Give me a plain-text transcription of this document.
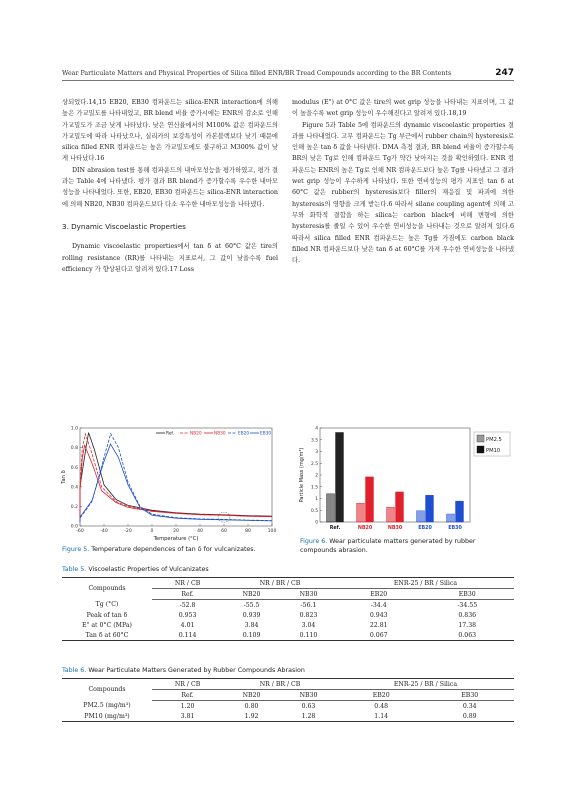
Wear Particulate Matters and Physical Properties of Silica filled ENR/BR Tread Compounds according to the BR Contents	247

상되었다.14,15 EB20, EB30 컴파운드는 silica-ENR interaction에 의해 높은 가교밀도를 나타내었고, BR blend 비율 증가시에는 ENR의 감소로 인해 가교밀도가 조금 낮게 나타났다. 낮은 연신율에서의 M100% 값은 컴파운드의 가교밀도에 따라 나타났으나, 실리카의 보강특성이 카본블랙보다 낮기 때문에 silica filled ENR 컴파운드는 높은 가교밀도에도 불구하고 M300% 값이 낮게 나타났다.16

DIN abrasion test를 통해 컴파운드의 내마모성능을 평가하였고, 평가 결과는 Table 4에 나타냈다. 평가 결과 BR blend가 증가할수록 우수한 내마모성능을 나타내었다. 또한, EB20, EB30 컴파운드는 silica-ENR interaction에 의해 NB20, NB30 컴파운드보다 다소 우수한 내마모성능을 나타냈다.

3. Dynamic Viscoelastic Properties

Dynamic viscoelastic properties에서 tan δ at 60°C 값은 tire의 rolling resistance (RR)를 나타내는 지표로서, 그 값이 낮을수록 fuel efficiency 가 향상된다고 알려져 있다.17 Loss

modulus (E") at 0°C 값은 tire의 wet grip 성능을 나타내는 지표이며, 그 값이 높을수록 wet grip 성능이 우수해진다고 알려져 있다.18,19

Figure 5과 Table 5에 컴파운드의 dynamic viscoelastic properties 결과를 나타내었다. 고무 컴파운드는 Tg 부근에서 rubber chain의 hysteresis로 인해 높은 tan δ 값을 나타낸다. DMA 측정 결과, BR blend 비율이 증가할수록 BR의 낮은 Tg로 인해 컴파운드 Tg가 약간 낮아지는 것을 확인하였다. ENR 컴파운드는 ENR의 높은 Tg로 인해 NR 컴파운드보다 높은 Tg를 나타냈고 그 결과 wet grip 성능이 우수하게 나타났다. 또한 연비성능의 평가 지표인 tan δ at 60°C 값은 rubber의 hysteresis보다 filler의 재응집 및 파괴에 의한 hysteresis의 영향을 크게 받는다.6 따라서 silane coupling agent에 의해 고무와 화학적 결합을 하는 silica는 carbon black에 비해 변형에 의한 hysteresis를 줄일 수 있어 우수한 연비성능을 나타내는 것으로 알려져 있다.6 따라서 silica filled ENR 컴파운드는 높은 Tg를 가짐에도 carbon black filled NR 컴파운드보다 낮은 tan δ at 60°C를 가져 우수한 연비성능을 나타냈다.

-60	-40	-20	0	20	40	60	80	100
0.0
0.2
0.4
0.6
0.8
1.0
Temperature (°C)
Tan δ
Ref.	NB20	NB30	EB20	EB30
Figure 5. Temperature dependences of tan δ for vulcanizates.
0
0.5
1
1.5
2
2.5
3
3.5
4
Particle Mass (mg/m³)
Ref.	NB20	NB30	EB20	EB30
PM2.5
PM10
Figure 6. Wear particulate matters generated by rubber compounds abrasion.
Table 5. Viscoelastic Properties of Vulcanizates
Compounds	NR / CB	NR / BR / CB		ENR-25 / BR / Silica	
	Ref.	NB20	NB30	EB20	EB30
Tg (°C)	-52.8	-55.5	-56.1	-34.4	-34.55
Peak of tan δ	0.953	0.939	0.823	0.943	0.836
E" at 0°C (MPa)	4.01	3.84	3.04	22.81	17.38
Tan δ at 60°C	0.114	0.109	0.110	0.067	0.063
Table 6. Wear Particulate Matters Generated by Rubber Compounds Abrasion
Compounds	NR / CB	NR / BR / CB		ENR-25 / BR / Silica	
	Ref.	NB20	NB30	EB20	EB30
PM2.5 (mg/m³)	1.20	0.80	0.63	0.48	0.34
PM10 (mg/m³)	3.81	1.92	1.28	1.14	0.89
